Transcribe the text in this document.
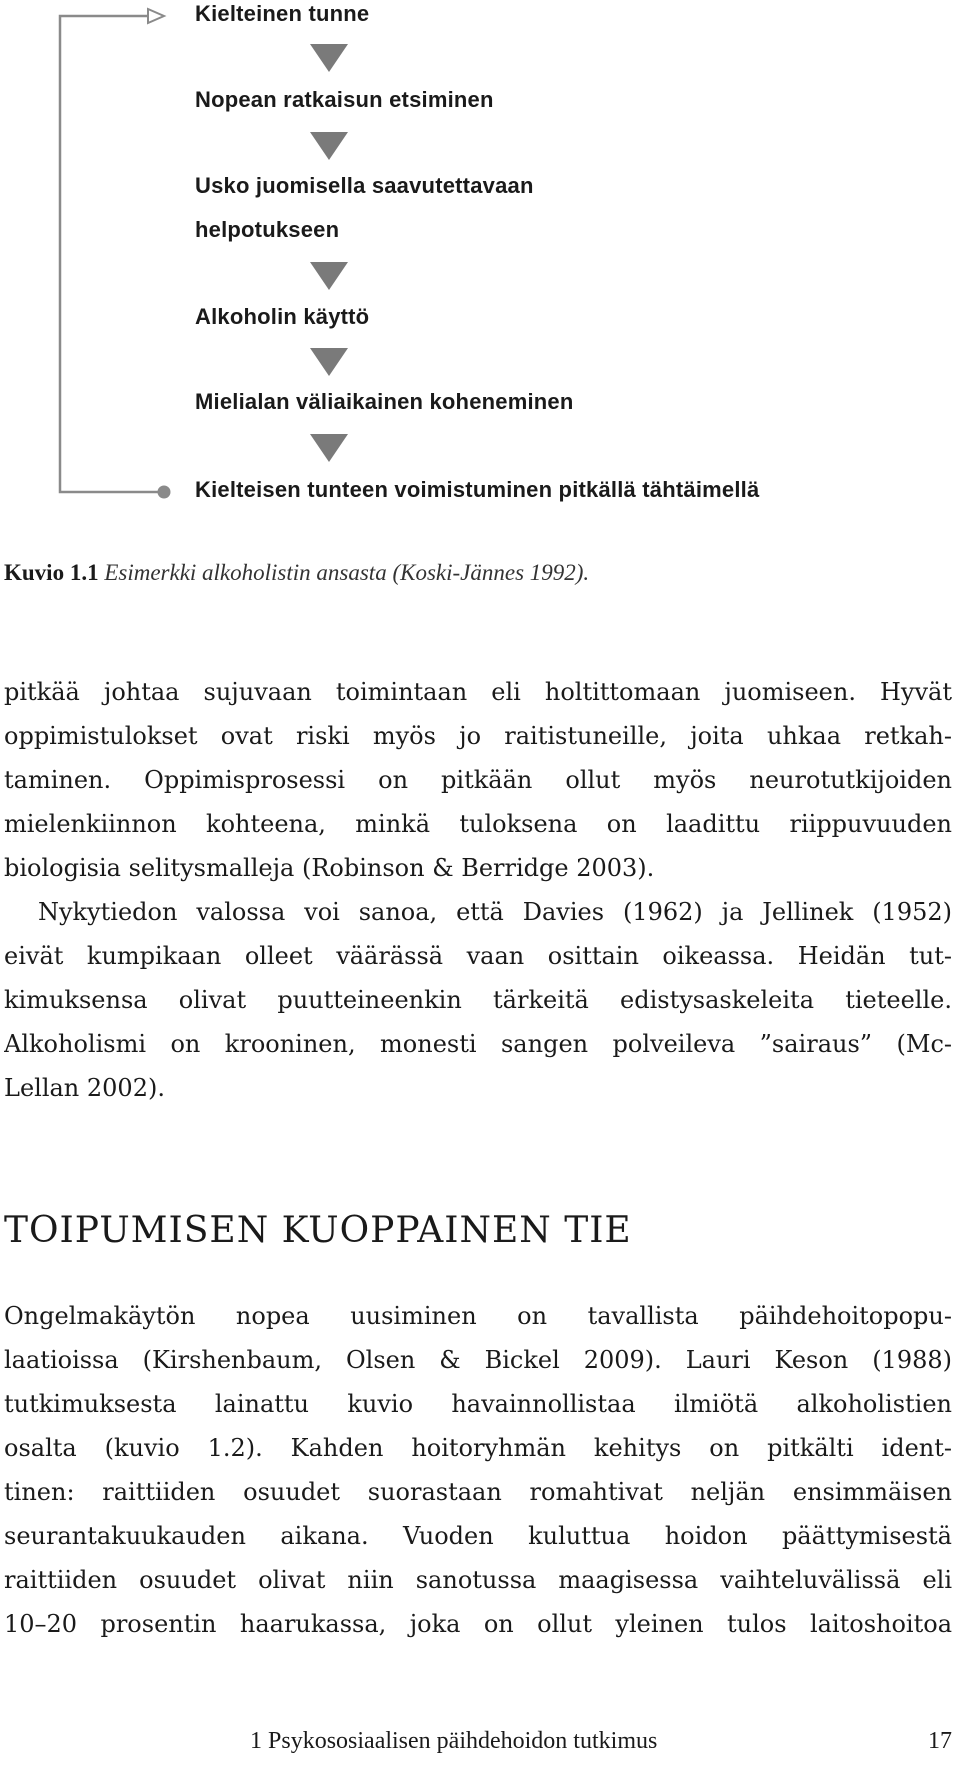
Kielteinen tunne
Nopean ratkaisun etsiminen
Usko juomisella saavutettavaan
helpotukseen
Alkoholin käyttö
Mielialan väliaikainen koheneminen
Kielteisen tunteen voimistuminen pitkällä tähtäimellä
Kuvio 1.1 Esimerkki alkoholistin ansasta (Koski-Jännes 1992).

pitkää johtaa sujuvaan toimintaan eli holtittomaan juomiseen. Hyvät
oppimistulokset ovat riski myös jo raitistuneille, joita uhkaa retkah-
taminen. Oppimisprosessi on pitkään ollut myös neurotutkijoiden
mielenkiinnon kohteena, minkä tuloksena on laadittu riippuvuuden
biologisia selitysmalleja (Robinson & Berridge 2003).

Nykytiedon valossa voi sanoa, että Davies (1962) ja Jellinek (1952)
eivät kumpikaan olleet väärässä vaan osittain oikeassa. Heidän tut-
kimuksensa olivat puutteineenkin tärkeitä edistysaskeleita tieteelle.
Alkoholismi on krooninen, monesti sangen polveileva ”sairaus” (Mc-
Lellan 2002).

TOIPUMISEN KUOPPAINEN TIE

Ongelmakäytön nopea uusiminen on tavallista päihdehoitopopu-
laatioissa (Kirshenbaum, Olsen & Bickel 2009). Lauri Keson (1988)
tutkimuksesta lainattu kuvio havainnollistaa ilmiötä alkoholistien
osalta (kuvio 1.2). Kahden hoitoryhmän kehitys on pitkälti ident-
tinen: raittiiden osuudet suorastaan romahtivat neljän ensimmäisen
seurantakuukauden aikana. Vuoden kuluttua hoidon päättymisestä
raittiiden osuudet olivat niin sanotussa maagisessa vaihteluvälissä eli
10–20 prosentin haarukassa, joka on ollut yleinen tulos laitoshoitoa

1 Psykososiaalisen päihdehoidon tutkimus	17
